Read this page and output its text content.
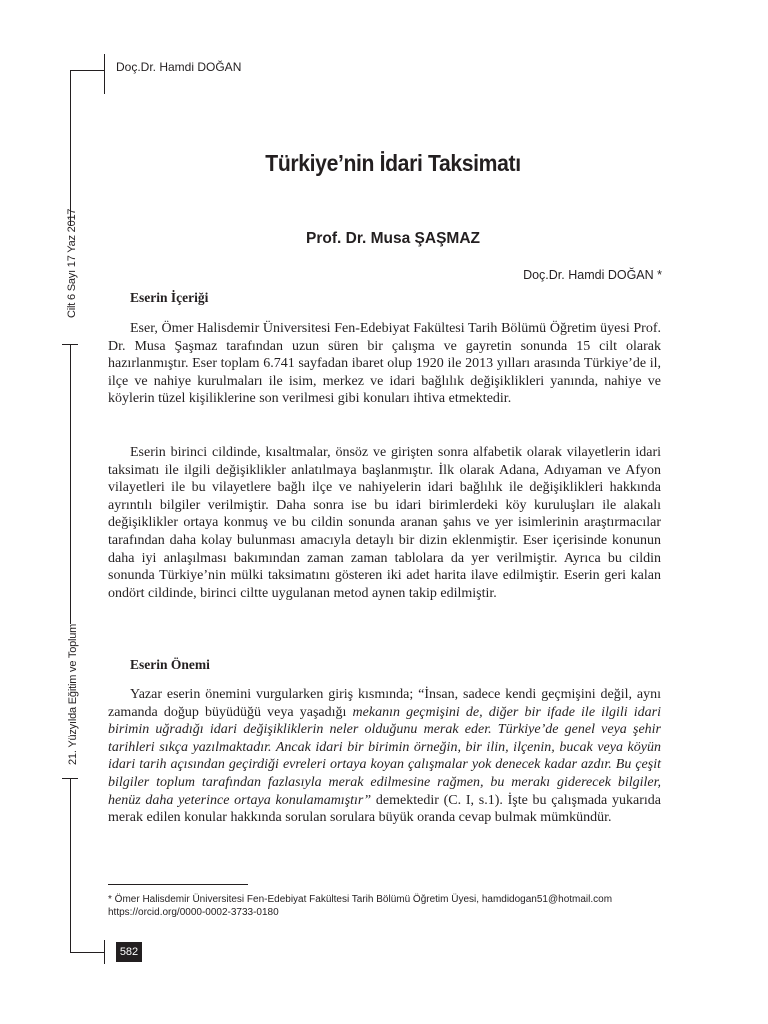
Doç.Dr. Hamdi DOĞAN
Cilt 6 Sayı 17 Yaz 2017
21. Yüzyılda Eğitim ve Toplum
Türkiye’nin İdari Taksimatı
Prof. Dr. Musa ŞAŞMAZ
Doç.Dr. Hamdi DOĞAN *
Eserin İçeriği

Eser, Ömer Halisdemir Üniversitesi Fen-Edebiyat Fakültesi Tarih Bölümü Öğretim üyesi Prof. Dr. Musa Şaşmaz tarafından uzun süren bir çalışma ve gayretin sonunda 15 cilt olarak hazırlanmıştır. Eser toplam 6.741 sayfadan ibaret olup 1920 ile 2013 yılları arasında Türkiye’de il, ilçe ve nahiye kurulmaları ile isim, merkez ve idari bağlılık değişiklikleri yanında, nahiye ve köylerin tüzel kişiliklerine son verilmesi gibi konuları ihtiva etmektedir.

Eserin birinci cildinde, kısaltmalar, önsöz ve girişten sonra alfabetik olarak vilayetlerin idari taksimatı ile ilgili değişiklikler anlatılmaya başlanmıştır. İlk olarak Adana, Adıyaman ve Afyon vilayetleri ile bu vilayetlere bağlı ilçe ve nahiyelerin idari bağlılık ile değişiklikleri hakkında ayrıntılı bilgiler verilmiştir. Daha sonra ise bu idari birimlerdeki köy kuruluşları ile alakalı değişiklikler ortaya konmuş ve bu cildin sonunda aranan şahıs ve yer isimlerinin araştırmacılar tarafından daha kolay bulunması amacıyla detaylı bir dizin eklenmiştir. Eser içerisinde konunun daha iyi anlaşılması bakımından zaman zaman tablolara da yer verilmiştir. Ayrıca bu cildin sonunda Türkiye’nin mülki taksimatını gösteren iki adet harita ilave edilmiştir. Eserin geri kalan ondört cildinde, birinci ciltte uygulanan metod aynen takip edilmiştir.

Eserin Önemi

Yazar eserin önemini vurgularken giriş kısmında; “İnsan, sadece kendi geçmişini değil, aynı zamanda doğup büyüdüğü veya yaşadığı mekanın geçmişini de, diğer bir ifade ile ilgili idari birimin uğradığı idari değişikliklerin neler olduğunu merak eder. Türkiye’de genel veya şehir tarihleri sıkça yazılmaktadır. Ancak idari bir birimin örneğin, bir ilin, ilçenin, bucak veya köyün idari tarih açısından geçirdiği evreleri ortaya koyan çalışmalar yok denecek kadar azdır. Bu çeşit bilgiler toplum tarafından fazlasıyla merak edilmesine rağmen, bu merakı giderecek bilgiler, henüz daha yeterince ortaya konulamamıştır” demektedir (C. I, s.1). İşte bu çalışmada yukarıda merak edilen konular hakkında sorulan sorulara büyük oranda cevap bulmak mümkündür.

* Ömer Halisdemir Üniversitesi Fen-Edebiyat Fakültesi Tarih Bölümü Öğretim Üyesi, hamdidogan51@hotmail.com
https://orcid.org/0000-0002-3733-0180
582
